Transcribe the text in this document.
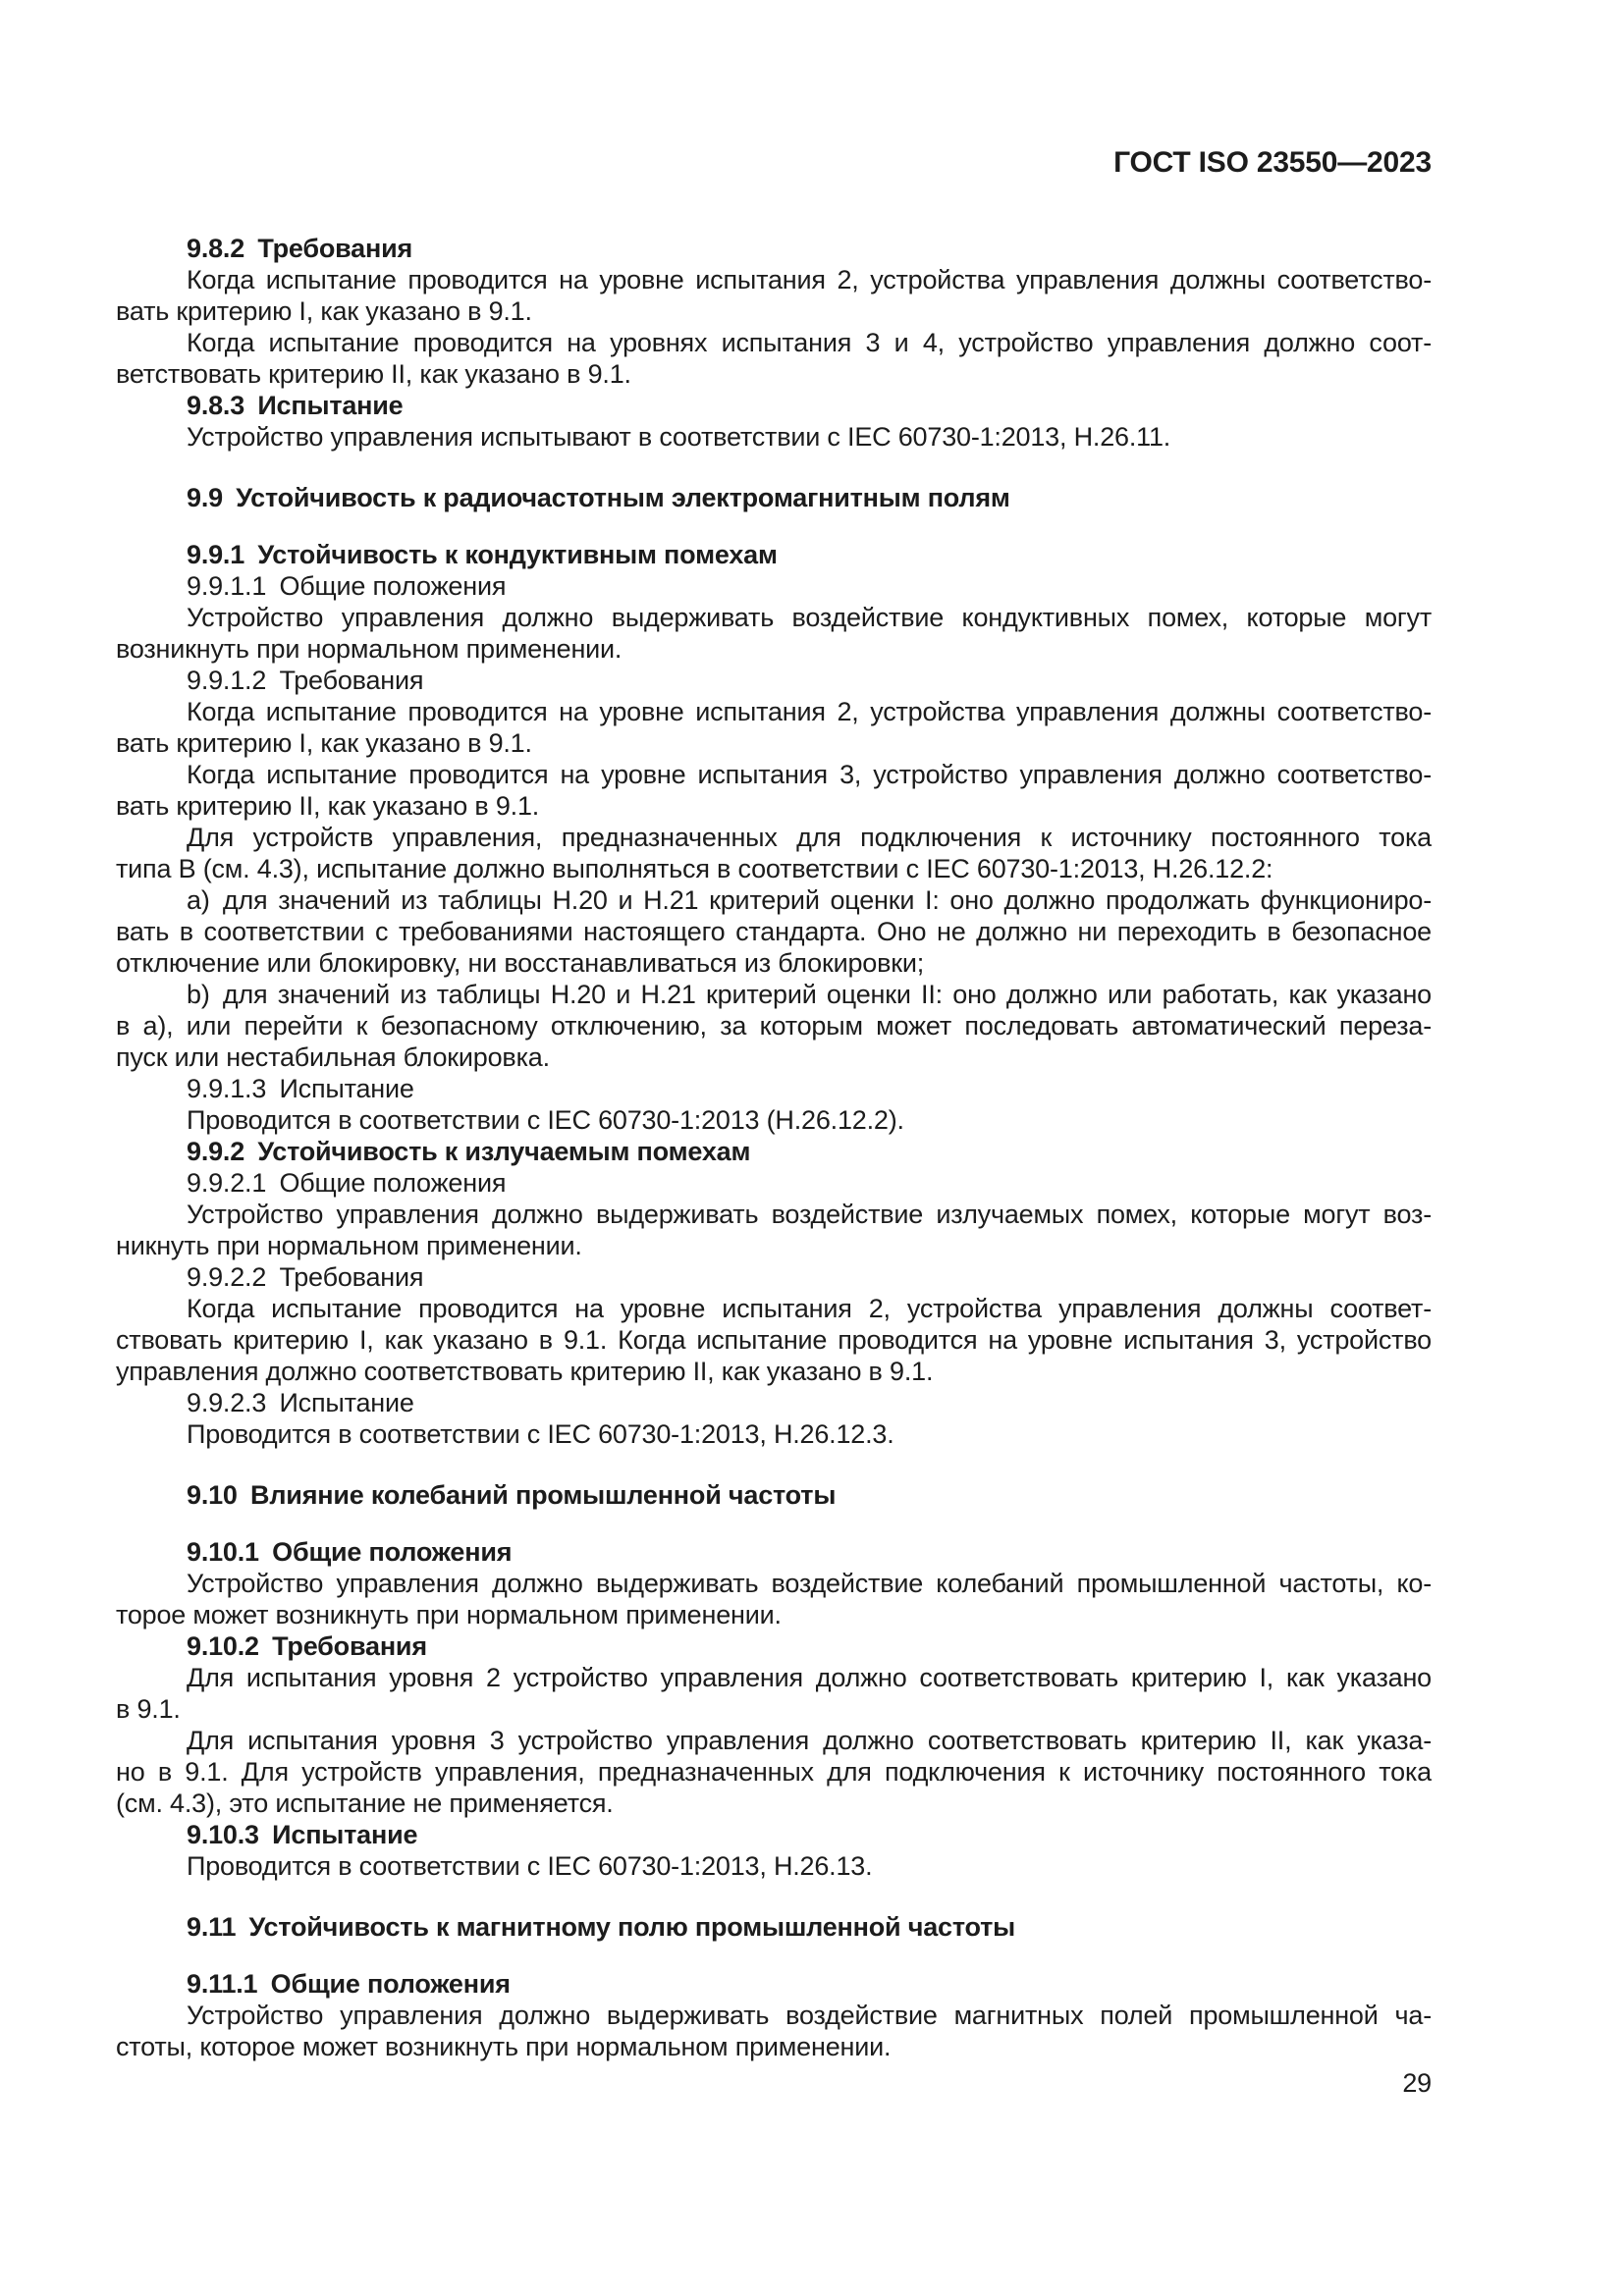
ГОСТ ISO 23550—2023
9.8.2 Требования
Когда испытание проводится на уровне испытания 2, устройства управления должны соответство-
вать критерию I, как указано в 9.1.
Когда испытание проводится на уровнях испытания 3 и 4, устройство управления должно соот-
ветствовать критерию II, как указано в 9.1.
9.8.3 Испытание
Устройство управления испытывают в соответствии с IEC 60730-1:2013, Н.26.11.
9.9 Устойчивость к радиочастотным электромагнитным полям
9.9.1 Устойчивость к кондуктивным помехам
9.9.1.1 Общие положения
Устройство управления должно выдерживать воздействие кондуктивных помех, которые могут
возникнуть при нормальном применении.
9.9.1.2 Требования
Когда испытание проводится на уровне испытания 2, устройства управления должны соответство-
вать критерию I, как указано в 9.1.
Когда испытание проводится на уровне испытания 3, устройство управления должно соответство-
вать критерию II, как указано в 9.1.
Для устройств управления, предназначенных для подключения к источнику постоянного тока
типа В (см. 4.3), испытание должно выполняться в соответствии с IEC 60730-1:2013, Н.26.12.2:
а) для значений из таблицы Н.20 и Н.21 критерий оценки I: оно должно продолжать функциониро-
вать в соответствии с требованиями настоящего стандарта. Оно не должно ни переходить в безопасное
отключение или блокировку, ни восстанавливаться из блокировки;
b) для значений из таблицы Н.20 и Н.21 критерий оценки II: оно должно или работать, как указано
в а), или перейти к безопасному отключению, за которым может последовать автоматический переза-
пуск или нестабильная блокировка.
9.9.1.3 Испытание
Проводится в соответствии с IEC 60730-1:2013 (Н.26.12.2).
9.9.2 Устойчивость к излучаемым помехам
9.9.2.1 Общие положения
Устройство управления должно выдерживать воздействие излучаемых помех, которые могут воз-
никнуть при нормальном применении.
9.9.2.2 Требования
Когда испытание проводится на уровне испытания 2, устройства управления должны соответ-
ствовать критерию I, как указано в 9.1. Когда испытание проводится на уровне испытания 3, устройство
управления должно соответствовать критерию II, как указано в 9.1.
9.9.2.3 Испытание
Проводится в соответствии с IEC 60730-1:2013, Н.26.12.3.
9.10 Влияние колебаний промышленной частоты
9.10.1 Общие положения
Устройство управления должно выдерживать воздействие колебаний промышленной частоты, ко-
торое может возникнуть при нормальном применении.
9.10.2 Требования
Для испытания уровня 2 устройство управления должно соответствовать критерию I, как указано
в 9.1.
Для испытания уровня 3 устройство управления должно соответствовать критерию II, как указа-
но в 9.1. Для устройств управления, предназначенных для подключения к источнику постоянного тока
(см. 4.3), это испытание не применяется.
9.10.3 Испытание
Проводится в соответствии с IEC 60730-1:2013, Н.26.13.
9.11 Устойчивость к магнитному полю промышленной частоты
9.11.1 Общие положения
Устройство управления должно выдерживать воздействие магнитных полей промышленной ча-
стоты, которое может возникнуть при нормальном применении.
29
